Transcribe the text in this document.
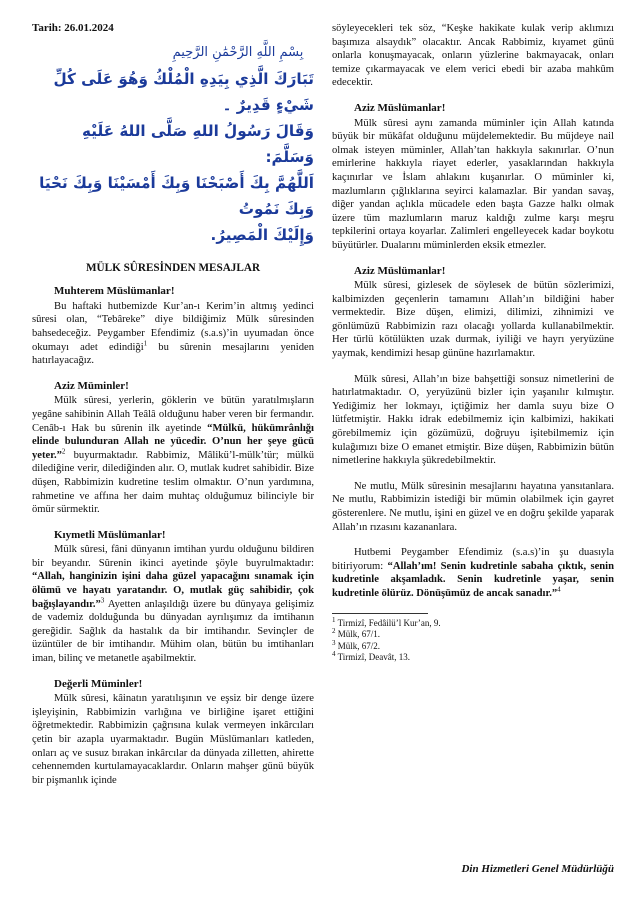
Tarih: 26.01.2024
بِسْمِ اللَّهِ الرَّحْمَٰنِ الرَّحِيمِ

تَبَارَكَ الَّذِي بِيَدِهِ الْمُلْكُ وَهُوَ عَلَى كُلِّ شَيْءٍ قَدِيرٌ ۔

وَقَالَ رَسُولُ اللهِ صَلَّى اللهُ عَلَيْهِ وَسَلَّمَ:

اَللَّهُمَّ بِكَ أَصْبَحْنَا وَبِكَ أَمْسَيْنَا وَبِكَ نَحْيَا وَبِكَ نَمُوتُ

وَإِلَيْكَ الْمَصِيرُ.

MÜLK SÛRESİNDEN MESAJLAR
Muhterem Müslümanlar!

Bu haftaki hutbemizde Kur’an-ı Kerim’in altmış yedinci sûresi olan, “Tebâreke” diye bildiğimiz Mülk sûresinden bahsedeceğiz. Peygamber Efendimiz (s.a.s)’in uyumadan önce okumayı adet edindiği$^1$ bu sûrenin mesajlarını yeniden hatırlayacağız.

Aziz Müminler!

Mülk sûresi, yerlerin, göklerin ve bütün yaratılmışların yegâne sahibinin Allah Teâlâ olduğunu haber veren bir fermandır. Cenâb-ı Hak bu sûrenin ilk ayetinde “Mülkü, hükümrânlığı elinde bulunduran Allah ne yücedir. O’nun her şeye gücü yeter.”$^2$ buyurmaktadır. Rabbimiz, Mâlikü’l-mülk’tür; mülkü dilediğine verir, dilediğinden alır. O, mutlak kudret sahibidir. Bize düşen, Rabbimizin kudretine teslim olmaktır. O’nun yardımına, rahmetine ve affına her daim muhtaç olduğumuz bilinciyle bir ömür sürmektir.

Kıymetli Müslümanlar!

Mülk sûresi, fâni dünyanın imtihan yurdu olduğunu bildiren bir beyandır. Sûrenin ikinci ayetinde şöyle buyrulmaktadır: “Allah, hanginizin işini daha güzel yapacağını sınamak için ölümü ve hayatı yaratandır. O, mutlak güç sahibidir, çok bağışlayandır.”$^3$ Ayetten anlaşıldığı üzere bu dünyaya gelişimiz de vademiz dolduğunda bu dünyadan ayrılışımız da imtihanın gereğidir. Sağlık da hastalık da bir imtihandır. Sevinçler de üzüntüler de bir imtihandır. Mühim olan, bütün bu imtihanları iman, bilinç ve metanetle aşabilmektir.

Değerli Müminler!

Mülk sûresi, kâinatın yaratılışının ve eşsiz bir denge üzere işleyişinin, Rabbimizin varlığına ve birliğine işaret ettiğini öğretmektedir. Rabbimizin çağrısına kulak vermeyen inkârcıları çetin bir azapla uyarmaktadır. Bugün Müslümanları katleden, onları aç ve susuz bırakan inkârcılar da dünyada zilletten, ahirette cehennemden kurtulamayacaklardır. Onların mahşer günü büyük bir pişmanlık içinde

söyleyecekleri tek söz, “Keşke hakikate kulak verip aklımızı başımıza alsaydık” olacaktır. Ancak Rabbimiz, kıyamet günü onlarla konuşmayacak, onların yüzlerine bakmayacak, onları temize çıkarmayacak ve elem verici ebedi bir azaba mahkûm edecektir.

Aziz Müslümanlar!

Mülk sûresi aynı zamanda müminler için Allah katında büyük bir mükâfat olduğunu müjdelemektedir. Bu müjdeye nail olmak isteyen müminler, Allah’tan hakkıyla sakınırlar. O’nun emirlerine hakkıyla riayet ederler, yasaklarından hakkıyla kaçınırlar ve İslam ahlakını kuşanırlar. O müminler ki, mazlumların çığlıklarına seyirci kalamazlar. Bir yandan savaş, diğer yandan açlıkla mücadele eden başta Gazze halkı olmak üzere tüm mazlumların maruz kaldığı zulme karşı meşru tepkilerini ortaya koyarlar. Zalimleri engelleyecek kadar boykotu büyütürler. Dualarını müminlerden eksik etmezler.

Aziz Müslümanlar!

Mülk sûresi, gizlesek de söylesek de bütün sözlerimizi, kalbimizden geçenlerin tamamını Allah’ın bildiğini haber vermektedir. Bize düşen, elimizi, dilimizi, zihnimizi ve gönlümüzü Rabbimizin razı olacağı yollarda kullanabilmektir. Her türlü kötülükten uzak durmak, iyiliği ve hayrı yeryüzüne yaymak, kendimizi hesap gününe hazırlamaktır.

Mülk sûresi, Allah’ın bize bahşettiği sonsuz nimetlerini de hatırlatmaktadır. O, yeryüzünü bizler için yaşanılır kılmıştır. Yediğimiz her lokmayı, içtiğimiz her damla suyu bize O lütfetmiştir. Hakkı idrak edebilmemiz için kalbimizi, hakikati görebilmemiz için gözümüzü, doğruyu işitebilmemiz için kulağımızı bize O emanet etmiştir. Bize düşen, Rabbimizin bütün nimetlerine hakkıyla şükredebilmektir.

Ne mutlu, Mülk sûresinin mesajlarını hayatına yansıtanlara. Ne mutlu, Rabbimizin istediği bir mümin olabilmek için gayret gösterenlere. Ne mutlu, işini en güzel ve en doğru şekilde yaparak Allah’ın rızasını kazananlara.

Hutbemi Peygamber Efendimiz (s.a.s)’in şu duasıyla bitiriyorum: “Allah’ım! Senin kudretinle sabaha çıktık, senin kudretinle akşamladık. Senin kudretinle yaşar, senin kudretinle ölürüz. Dönüşümüz de ancak sanadır.”$^4$

$^1$ Tirmizî, Fedâilü’l Kur’an, 9.

$^2$ Mülk, 67/1.

$^3$ Mülk, 67/2.

$^4$ Tirmizî, Deavât, 13.

Din Hizmetleri Genel Müdürlüğü
